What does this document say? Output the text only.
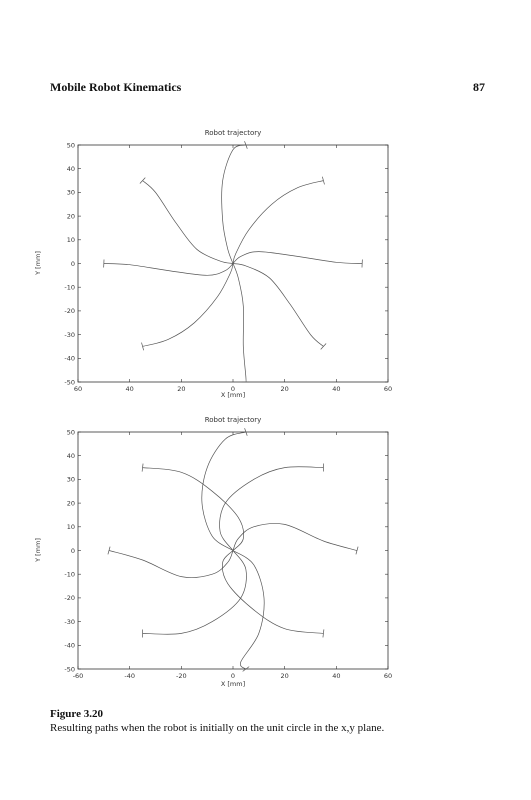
Mobile Robot Kinematics	87
Robot trajectory
60	40	20	0	20	40	60
50
40
30
20
10
0
-10
-20
-30
-40
-50
X [mm]
Y [mm]
Robot trajectory
-60	-40	-20	0	20	40	60
50
40
30
20
10
0
-10
-20
-30
-40
-50
X [mm]
Y [mm]
Figure 3.20
Resulting paths when the robot is initially on the unit circle in the x,y plane.
